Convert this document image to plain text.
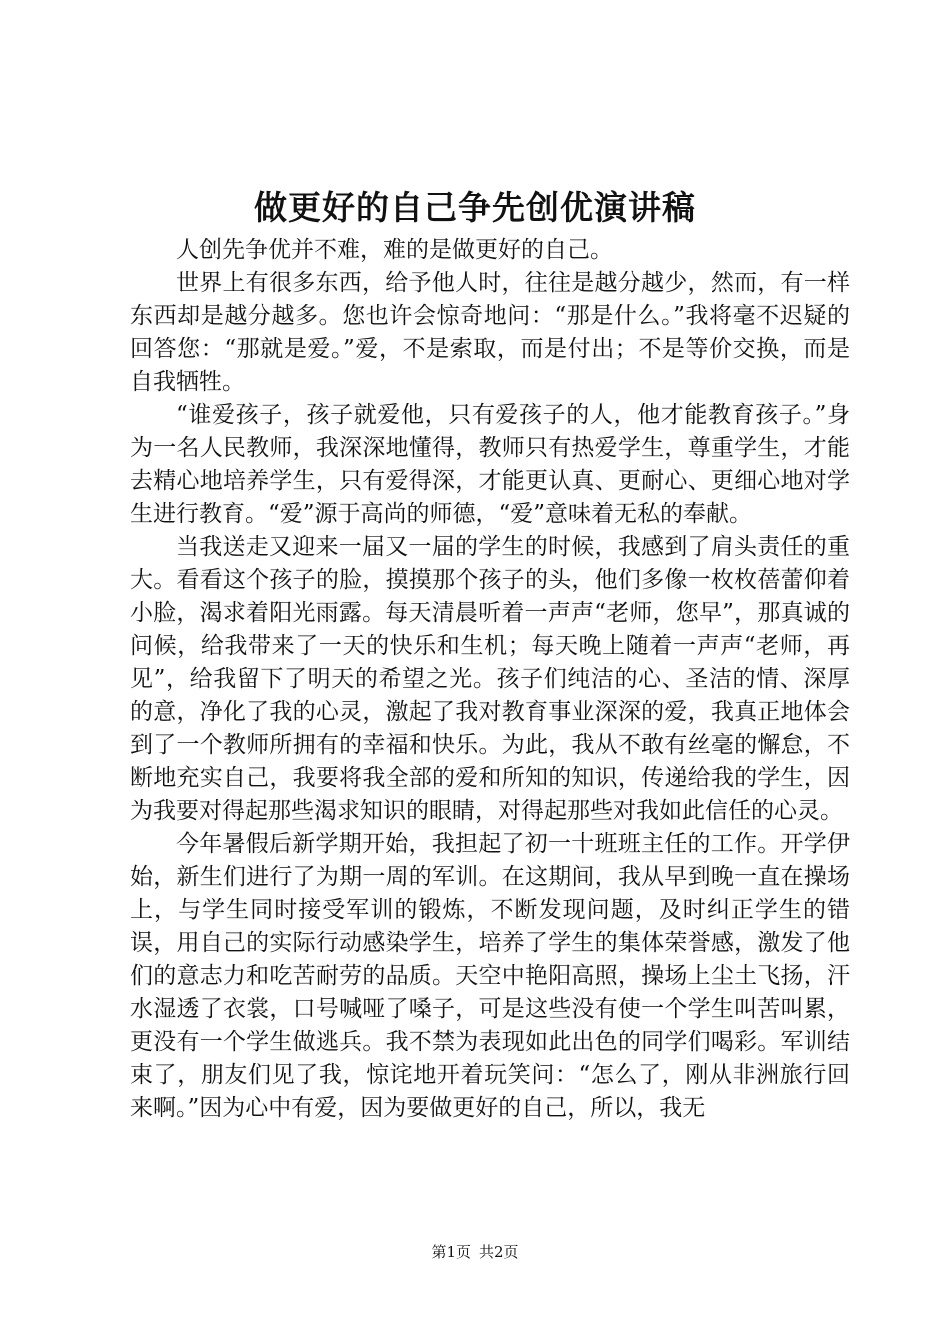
做更好的自己争先创优演讲稿

人创先争优并不难，难的是做更好的自己。

世界上有很多东西，给予他人时，往往是越分越少，然而，有一样东西却是越分越多。您也许会惊奇地问：“那是什么。”我将毫不迟疑的回答您：“那就是爱。”爱，不是索取，而是付出；不是等价交换，而是自我牺牲。

“谁爱孩子，孩子就爱他，只有爱孩子的人，他才能教育孩子。”身为一名人民教师，我深深地懂得，教师只有热爱学生，尊重学生，才能去精心地培养学生，只有爱得深，才能更认真、更耐心、更细心地对学生进行教育。“爱”源于高尚的师德，“爱”意味着无私的奉献。

当我送走又迎来一届又一届的学生的时候，我感到了肩头责任的重大。看看这个孩子的脸，摸摸那个孩子的头，他们多像一枚枚蓓蕾仰着小脸，渴求着阳光雨露。每天清晨听着一声声“老师，您早”，那真诚的问候，给我带来了一天的快乐和生机；每天晚上随着一声声“老师，再见”，给我留下了明天的希望之光。孩子们纯洁的心、圣洁的情、深厚的意，净化了我的心灵，激起了我对教育事业深深的爱，我真正地体会到了一个教师所拥有的幸福和快乐。为此，我从不敢有丝毫的懈怠，不断地充实自己，我要将我全部的爱和所知的知识，传递给我的学生，因为我要对得起那些渴求知识的眼睛，对得起那些对我如此信任的心灵。

今年暑假后新学期开始，我担起了初一十班班主任的工作。开学伊始，新生们进行了为期一周的军训。在这期间，我从早到晚一直在操场上，与学生同时接受军训的锻炼，不断发现问题，及时纠正学生的错误，用自己的实际行动感染学生，培养了学生的集体荣誉感，激发了他们的意志力和吃苦耐劳的品质。天空中艳阳高照，操场上尘土飞扬，汗水湿透了衣裳，口号喊哑了嗓子，可是这些没有使一个学生叫苦叫累，更没有一个学生做逃兵。我不禁为表现如此出色的同学们喝彩。军训结束了，朋友们见了我，惊诧地开着玩笑问：“怎么了，刚从非洲旅行回来啊。”因为心中有爱，因为要做更好的自己，所以，我无

第1页 共2页
